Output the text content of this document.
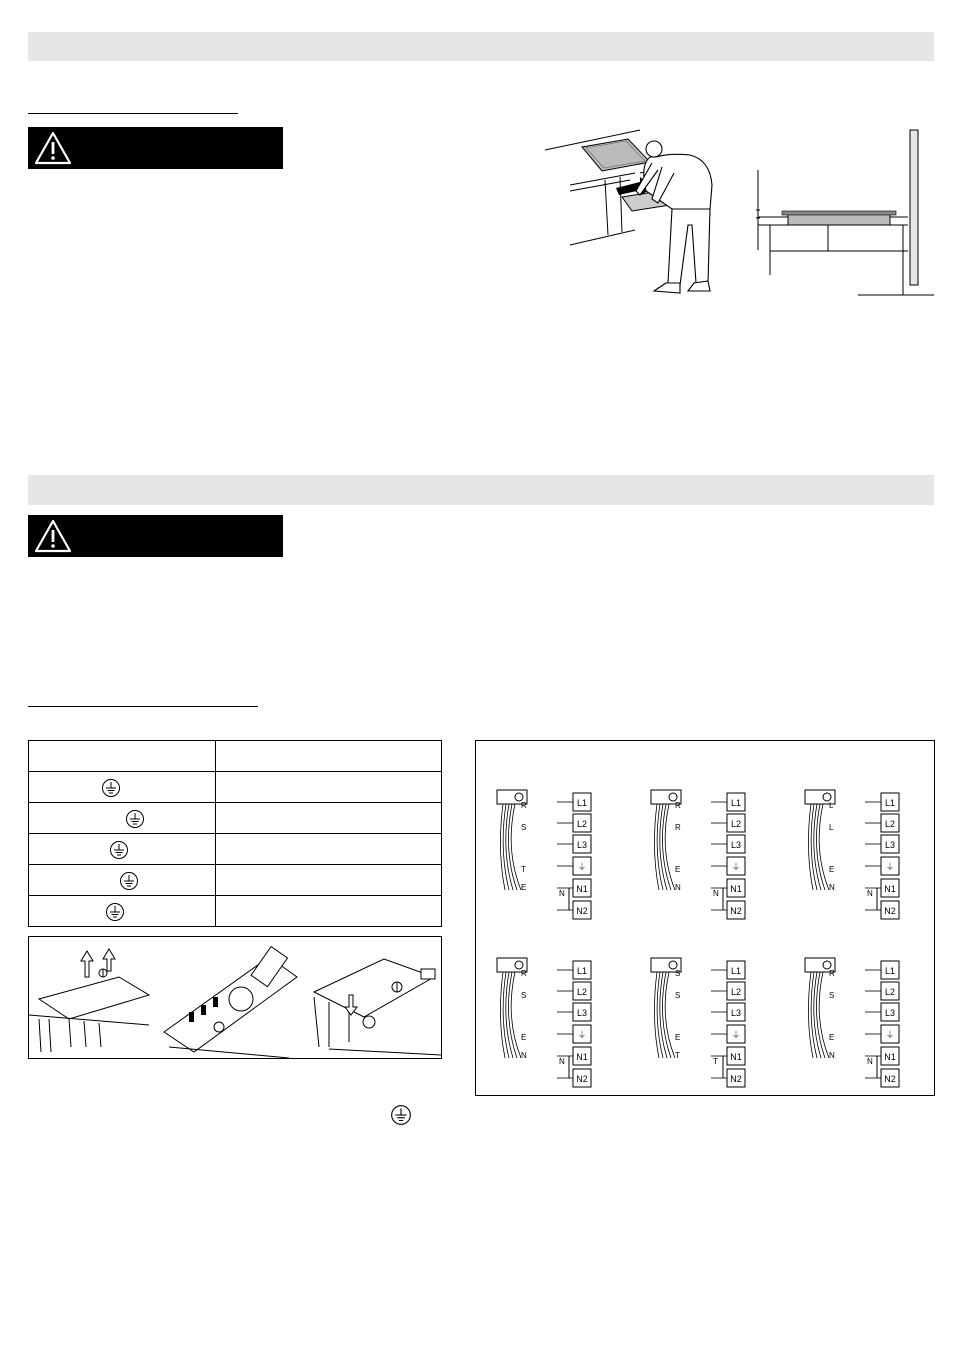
L1
L2
L3
⏚
N1
N2
R
S
T
E
N
L1
L2
L3
⏚
N1
N2
R
R
E
N
N
L1
L2
L3
⏚
N1
N2
L
L
E
N
N
L1
L2
L3
⏚
N1
N2
R
S
E
N
N
L1
L2
L3
⏚
N1
N2
S
S
E
T
T
L1
L2
L3
⏚
N1
N2
R
S
E
N
N
